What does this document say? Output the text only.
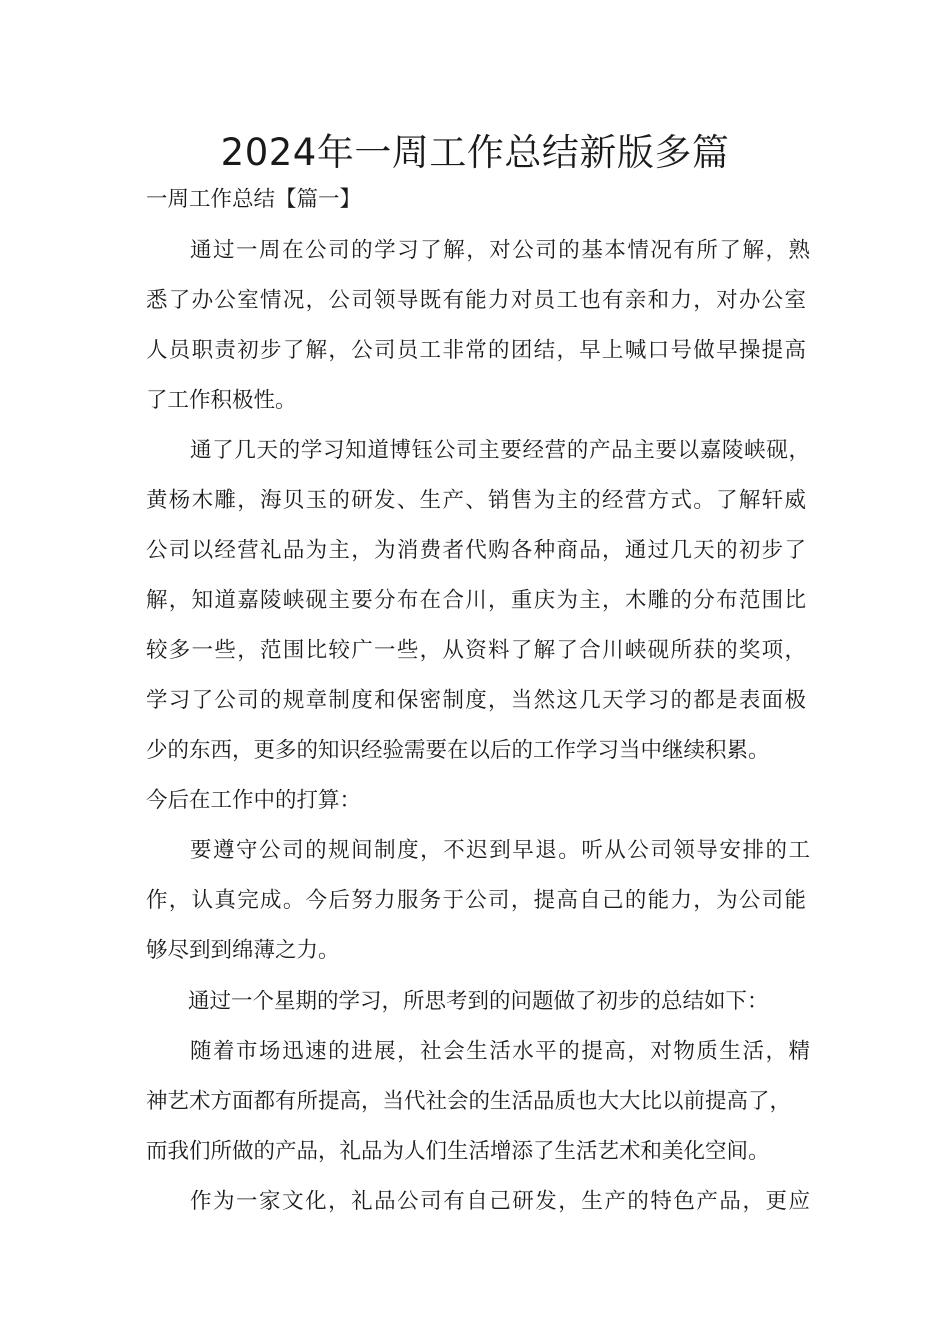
2024年一周工作总结新版多篇

一周工作总结【篇一】

通过一周在公司的学习了解，对公司的基本情况有所了解，熟

悉了办公室情况，公司领导既有能力对员工也有亲和力，对办公室

人员职责初步了解，公司员工非常的团结，早上喊口号做早操提高

了工作积极性。

通了几天的学习知道博钰公司主要经营的产品主要以嘉陵峡砚，

黄杨木雕，海贝玉的研发、生产、销售为主的经营方式。了解轩威

公司以经营礼品为主，为消费者代购各种商品，通过几天的初步了

解，知道嘉陵峡砚主要分布在合川，重庆为主，木雕的分布范围比

较多一些，范围比较广一些，从资料了解了合川峡砚所获的奖项，

学习了公司的规章制度和保密制度，当然这几天学习的都是表面极

少的东西，更多的知识经验需要在以后的工作学习当中继续积累。

今后在工作中的打算：

要遵守公司的规间制度，不迟到早退。听从公司领导安排的工

作，认真完成。今后努力服务于公司，提高自己的能力，为公司能

够尽到到绵薄之力。

通过一个星期的学习，所思考到的问题做了初步的总结如下：

随着市场迅速的进展，社会生活水平的提高，对物质生活，精

神艺术方面都有所提高，当代社会的生活品质也大大比以前提高了，

而我们所做的产品，礼品为人们生活增添了生活艺术和美化空间。

作为一家文化，礼品公司有自己研发，生产的特色产品，更应
